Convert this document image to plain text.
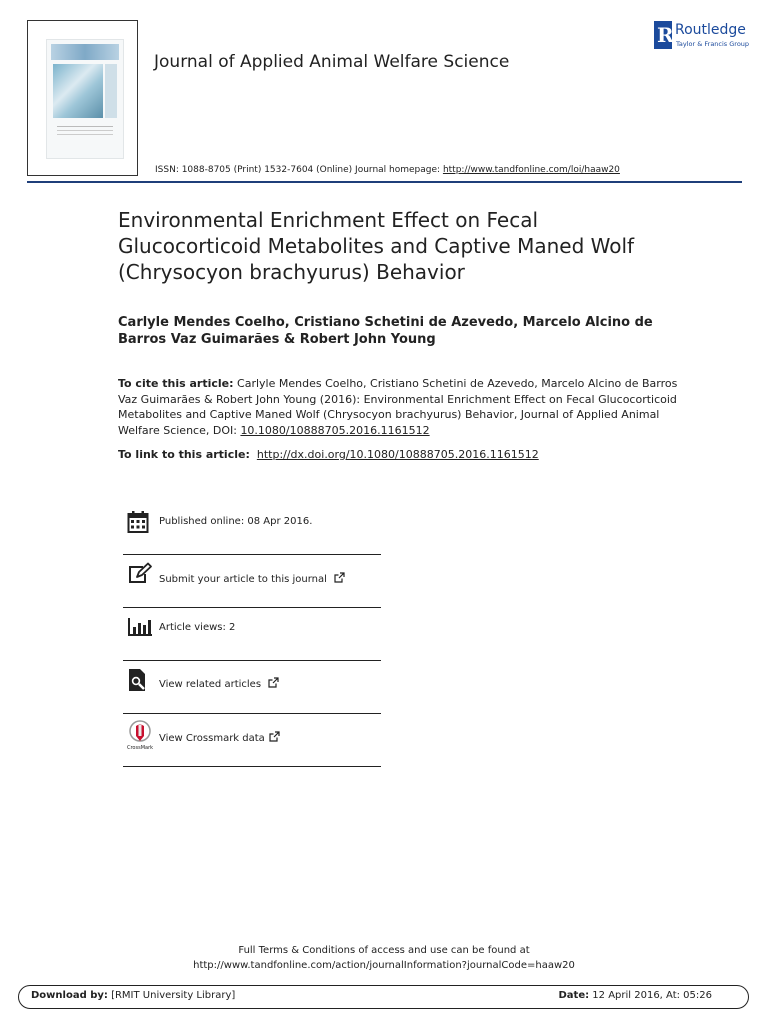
Journal of Applied Animal Welfare Science
R Routledge
Taylor & Francis Group
ISSN: 1088-8705 (Print) 1532-7604 (Online) Journal homepage: http://www.tandfonline.com/loi/haaw20
Environmental Enrichment Effect on Fecal Glucocorticoid Metabolites and Captive Maned Wolf (Chrysocyon brachyurus) Behavior
Carlyle Mendes Coelho, Cristiano Schetini de Azevedo, Marcelo Alcino de Barros Vaz Guimarães & Robert John Young
To cite this article: Carlyle Mendes Coelho, Cristiano Schetini de Azevedo, Marcelo Alcino de Barros Vaz Guimarães & Robert John Young (2016): Environmental Enrichment Effect on Fecal Glucocorticoid Metabolites and Captive Maned Wolf (Chrysocyon brachyurus) Behavior, Journal of Applied Animal Welfare Science, DOI: 10.1080/10888705.2016.1161512
To link to this article: http://dx.doi.org/10.1080/10888705.2016.1161512
Published online: 08 Apr 2016.
Submit your article to this journal
Article views: 2
View related articles
CrossMark
View Crossmark data
Full Terms & Conditions of access and use can be found at
http://www.tandfonline.com/action/journalInformation?journalCode=haaw20
Download by: [RMIT University Library]	Date: 12 April 2016, At: 05:26
